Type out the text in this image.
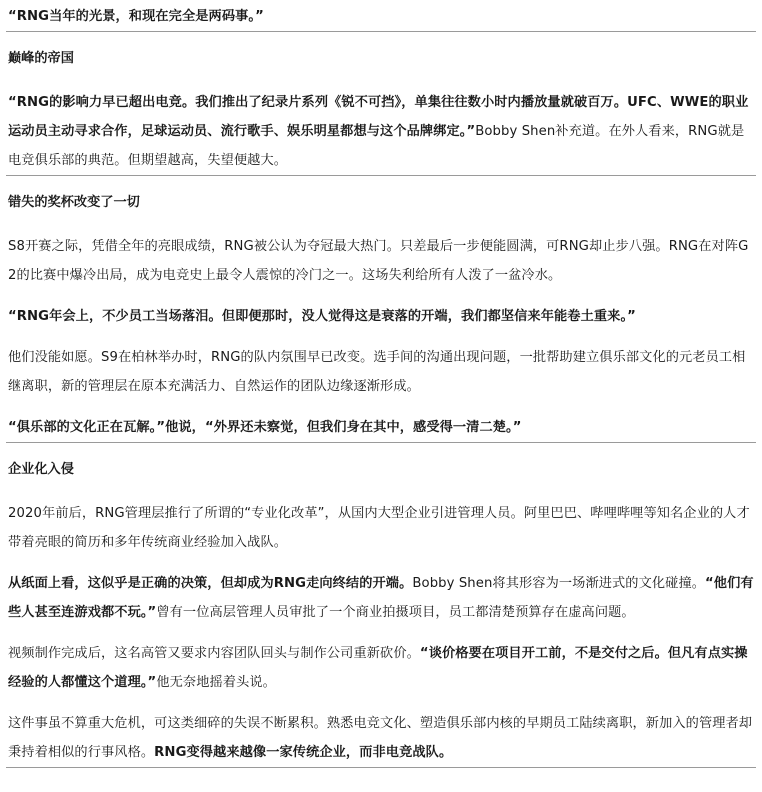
“RNG当年的光景，和现在完全是两码事。”

巅峰的帝国

“RNG的影响力早已超出电竞。我们推出了纪录片系列《锐不可挡》，单集往往数小时内播放量就破百万。UFC、WWE的职业运动员主动寻求合作，足球运动员、流行歌手、娱乐明星都想与这个品牌绑定。”Bobby Shen补充道。在外人看来，RNG就是电竞俱乐部的典范。但期望越高，失望便越大。

错失的奖杯改变了一切

S8开赛之际，凭借全年的亮眼成绩，RNG被公认为夺冠最大热门。只差最后一步便能圆满，可RNG却止步八强。RNG在对阵G2的比赛中爆冷出局，成为电竞史上最令人震惊的冷门之一。这场失利给所有人泼了一盆冷水。

“RNG年会上，不少员工当场落泪。但即便那时，没人觉得这是衰落的开端，我们都坚信来年能卷土重来。”

他们没能如愿。S9在柏林举办时，RNG的队内氛围早已改变。选手间的沟通出现问题，一批帮助建立俱乐部文化的元老员工相继离职，新的管理层在原本充满活力、自然运作的团队边缘逐渐形成。

“俱乐部的文化正在瓦解。”他说，“外界还未察觉，但我们身在其中，感受得一清二楚。”

企业化入侵

2020年前后，RNG管理层推行了所谓的“专业化改革”，从国内大型企业引进管理人员。阿里巴巴、哔哩哔哩等知名企业的人才带着亮眼的简历和多年传统商业经验加入战队。

从纸面上看，这似乎是正确的决策，但却成为RNG走向终结的开端。Bobby Shen将其形容为一场渐进式的文化碰撞。“他们有些人甚至连游戏都不玩。”曾有一位高层管理人员审批了一个商业拍摄项目，员工都清楚预算存在虚高问题。

视频制作完成后，这名高管又要求内容团队回头与制作公司重新砍价。“谈价格要在项目开工前，不是交付之后。但凡有点实操经验的人都懂这个道理。”他无奈地摇着头说。

这件事虽不算重大危机，可这类细碎的失误不断累积。熟悉电竞文化、塑造俱乐部内核的早期员工陆续离职，新加入的管理者却秉持着相似的行事风格。RNG变得越来越像一家传统企业，而非电竞战队。
